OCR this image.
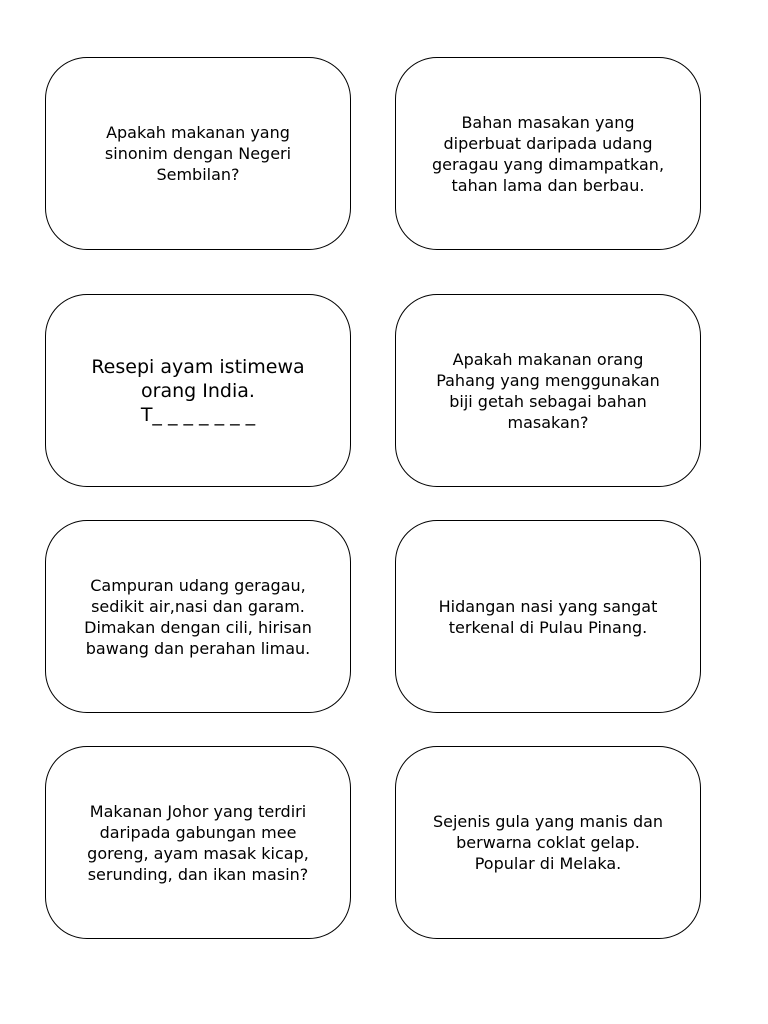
Apakah makanan yang
sinonim dengan Negeri
Sembilan?
Bahan masakan yang
diperbuat daripada udang
geragau yang dimampatkan,
tahan lama dan berbau.
Resepi ayam istimewa
orang India.
T_ _ _ _ _ _ _
Apakah makanan orang
Pahang yang menggunakan
biji getah sebagai bahan
masakan?
Campuran udang geragau,
sedikit air,nasi dan garam.
Dimakan dengan cili, hirisan
bawang dan perahan limau.
Hidangan nasi yang sangat
terkenal di Pulau Pinang.
Makanan Johor yang terdiri
daripada gabungan mee
goreng, ayam masak kicap,
serunding, dan ikan masin?
Sejenis gula yang manis dan
berwarna coklat gelap.
Popular di Melaka.
